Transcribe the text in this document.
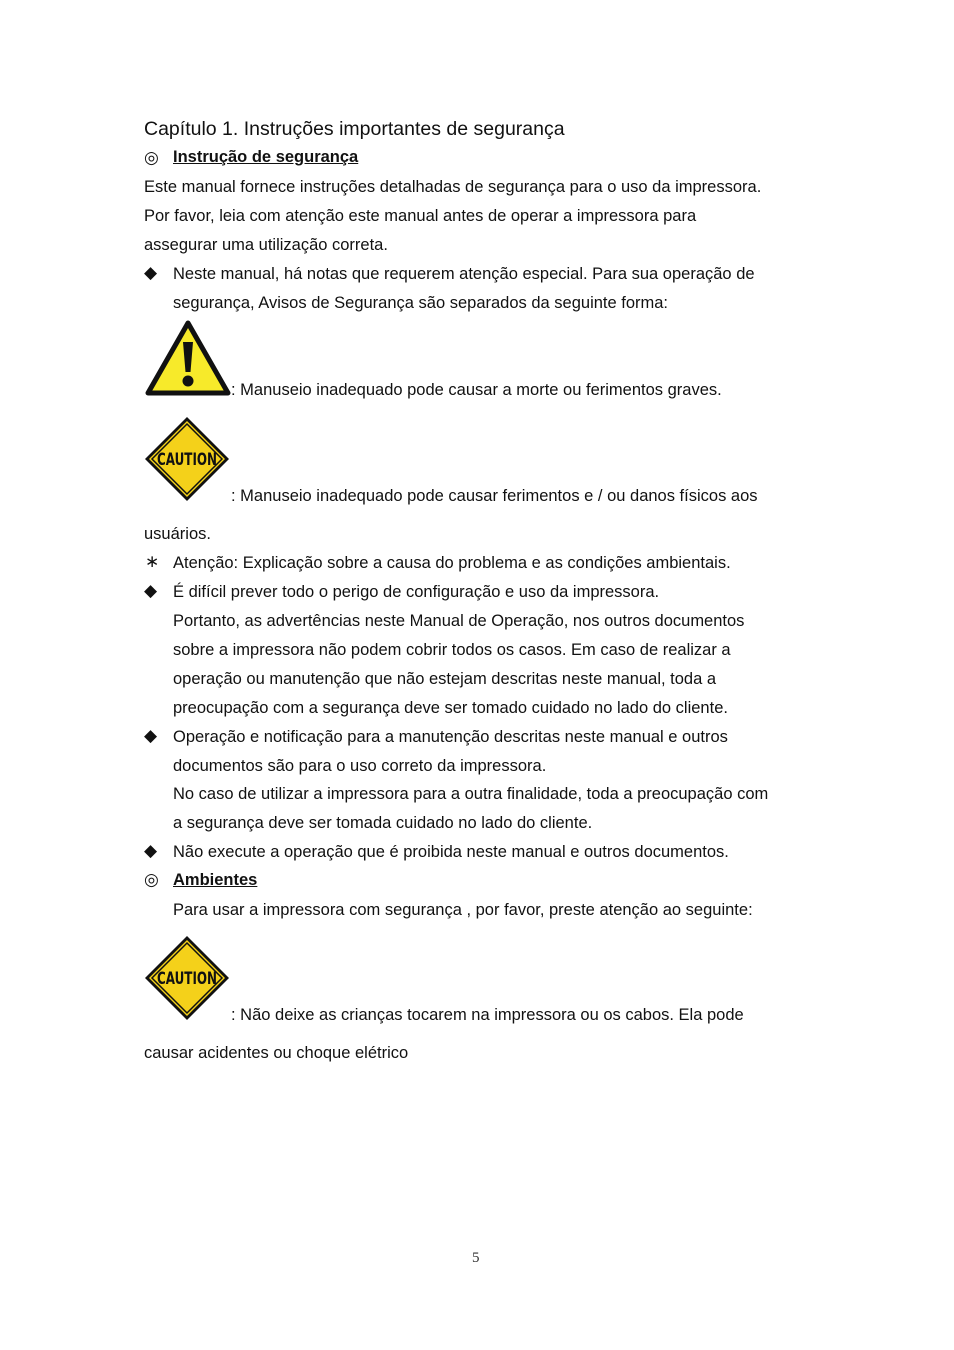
Capítulo 1. Instruções importantes de segurança
◎ Instrução de segurança
Este manual fornece instruções detalhadas de segurança para o uso da impressora.
Por favor, leia com atenção este manual antes de operar a impressora para
assegurar uma utilização correta.
◆ Neste manual, há notas que requerem atenção especial. Para sua operação de
segurança, Avisos de Segurança são separados da seguinte forma:
: Manuseio inadequado pode causar a morte ou ferimentos graves.
CAUTION
: Manuseio inadequado pode causar ferimentos e / ou danos físicos aos
usuários.
∗ Atenção: Explicação sobre a causa do problema e as condições ambientais.
◆ É difícil prever todo o perigo de configuração e uso da impressora.
Portanto, as advertências neste Manual de Operação, nos outros documentos
sobre a impressora não podem cobrir todos os casos. Em caso de realizar a
operação ou manutenção que não estejam descritas neste manual, toda a
preocupação com a segurança deve ser tomado cuidado no lado do cliente.
◆ Operação e notificação para a manutenção descritas neste manual e outros
documentos são para o uso correto da impressora.
No caso de utilizar a impressora para a outra finalidade, toda a preocupação com
a segurança deve ser tomada cuidado no lado do cliente.
◆ Não execute a operação que é proibida neste manual e outros documentos.
◎ Ambientes
Para usar a impressora com segurança , por favor, preste atenção ao seguinte:
CAUTION
: Não deixe as crianças tocarem na impressora ou os cabos. Ela pode
causar acidentes ou choque elétrico
5
